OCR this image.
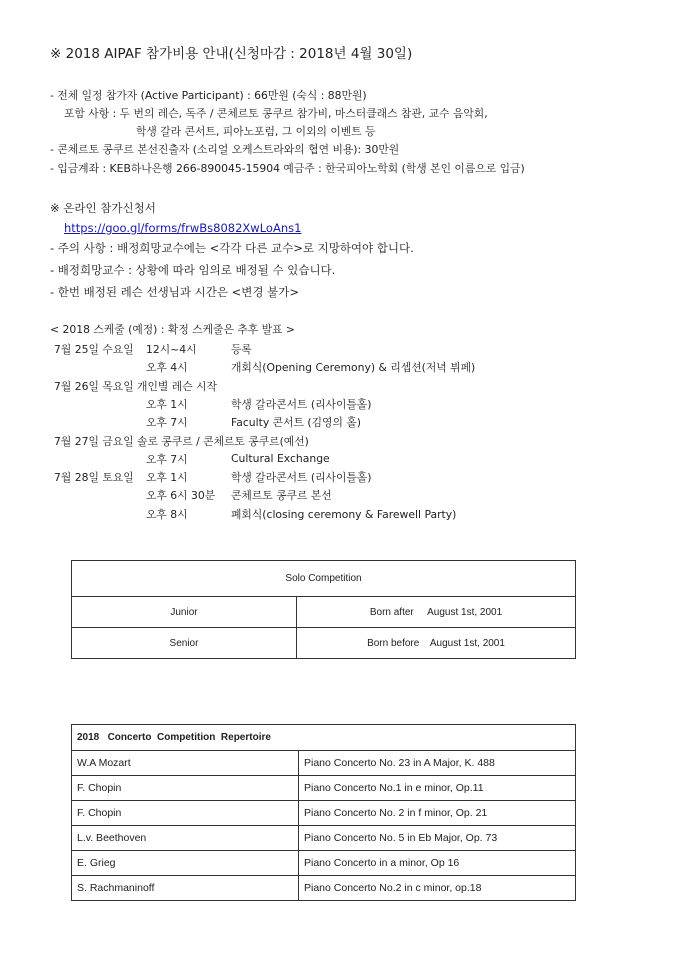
※ 2018 AIPAF 참가비용 안내(신청마감 : 2018년 4월 30일)
- 전체 일정 참가자 (Active Participant) : 66만원 (숙식 : 88만원)
포함 사항 : 두 번의 레슨, 독주 / 콘체르토 콩쿠르 참가비, 마스터클래스 참관, 교수 음악회,
학생 갈라 콘서트, 피아노포럼, 그 이외의 이벤트 등
- 콘체르토 콩쿠르 본선진출자 (소리얼 오케스트라와의 협연 비용): 30만원
- 입금계좌 : KEB하나은행 266-890045-15904 예금주 : 한국피아노학회 (학생 본인 이름으로 입금)
※ 온라인 참가신청서
https://goo.gl/forms/frwBs8082XwLoAns1
- 주의 사항 : 배정희망교수에는 <각각 다른 교수>로 지망하여야 합니다.
- 배정희망교수 : 상황에 따라 임의로 배정될 수 있습니다.
- 한번 배정된 레슨 선생님과 시간은 <변경 불가>
< 2018 스케줄 (예정) : 확정 스케줄은 추후 발표 >
7월 25일 수요일 12시~4시	등록
오후 4시	개회식(Opening Ceremony) & 리셉션(저녁 뷔페)
7월 26일 목요일 개인별 레슨 시작
오후 1시	학생 갈라콘서트 (리사이틀홀)
오후 7시	Faculty 콘서트 (김영의 홀)
7월 27일 금요일 솔로 콩쿠르 / 콘체르토 콩쿠르(예선)
오후 7시	Cultural Exchange
7월 28일 토요일 오후 1시	학생 갈라콘서트 (리사이틀홀)
오후 6시 30분 콘체르토 콩쿠르 본선
오후 8시	폐회식(closing ceremony & Farewell Party)
Solo Competition	
Junior	Born after     August 1st, 2001
Senior	Born before    August 1st, 2001
2018   Concerto  Competition  Repertoire	
W.A Mozart	Piano Concerto No. 23 in A Major, K. 488
F. Chopin	Piano Concerto No.1 in e minor, Op.11
F. Chopin	Piano Concerto No. 2 in f minor, Op. 21
L.v. Beethoven	Piano Concerto No. 5 in Eb Major, Op. 73
E. Grieg	Piano Concerto in a minor, Op 16
S. Rachmaninoff	Piano Concerto No.2 in c minor, op.18
